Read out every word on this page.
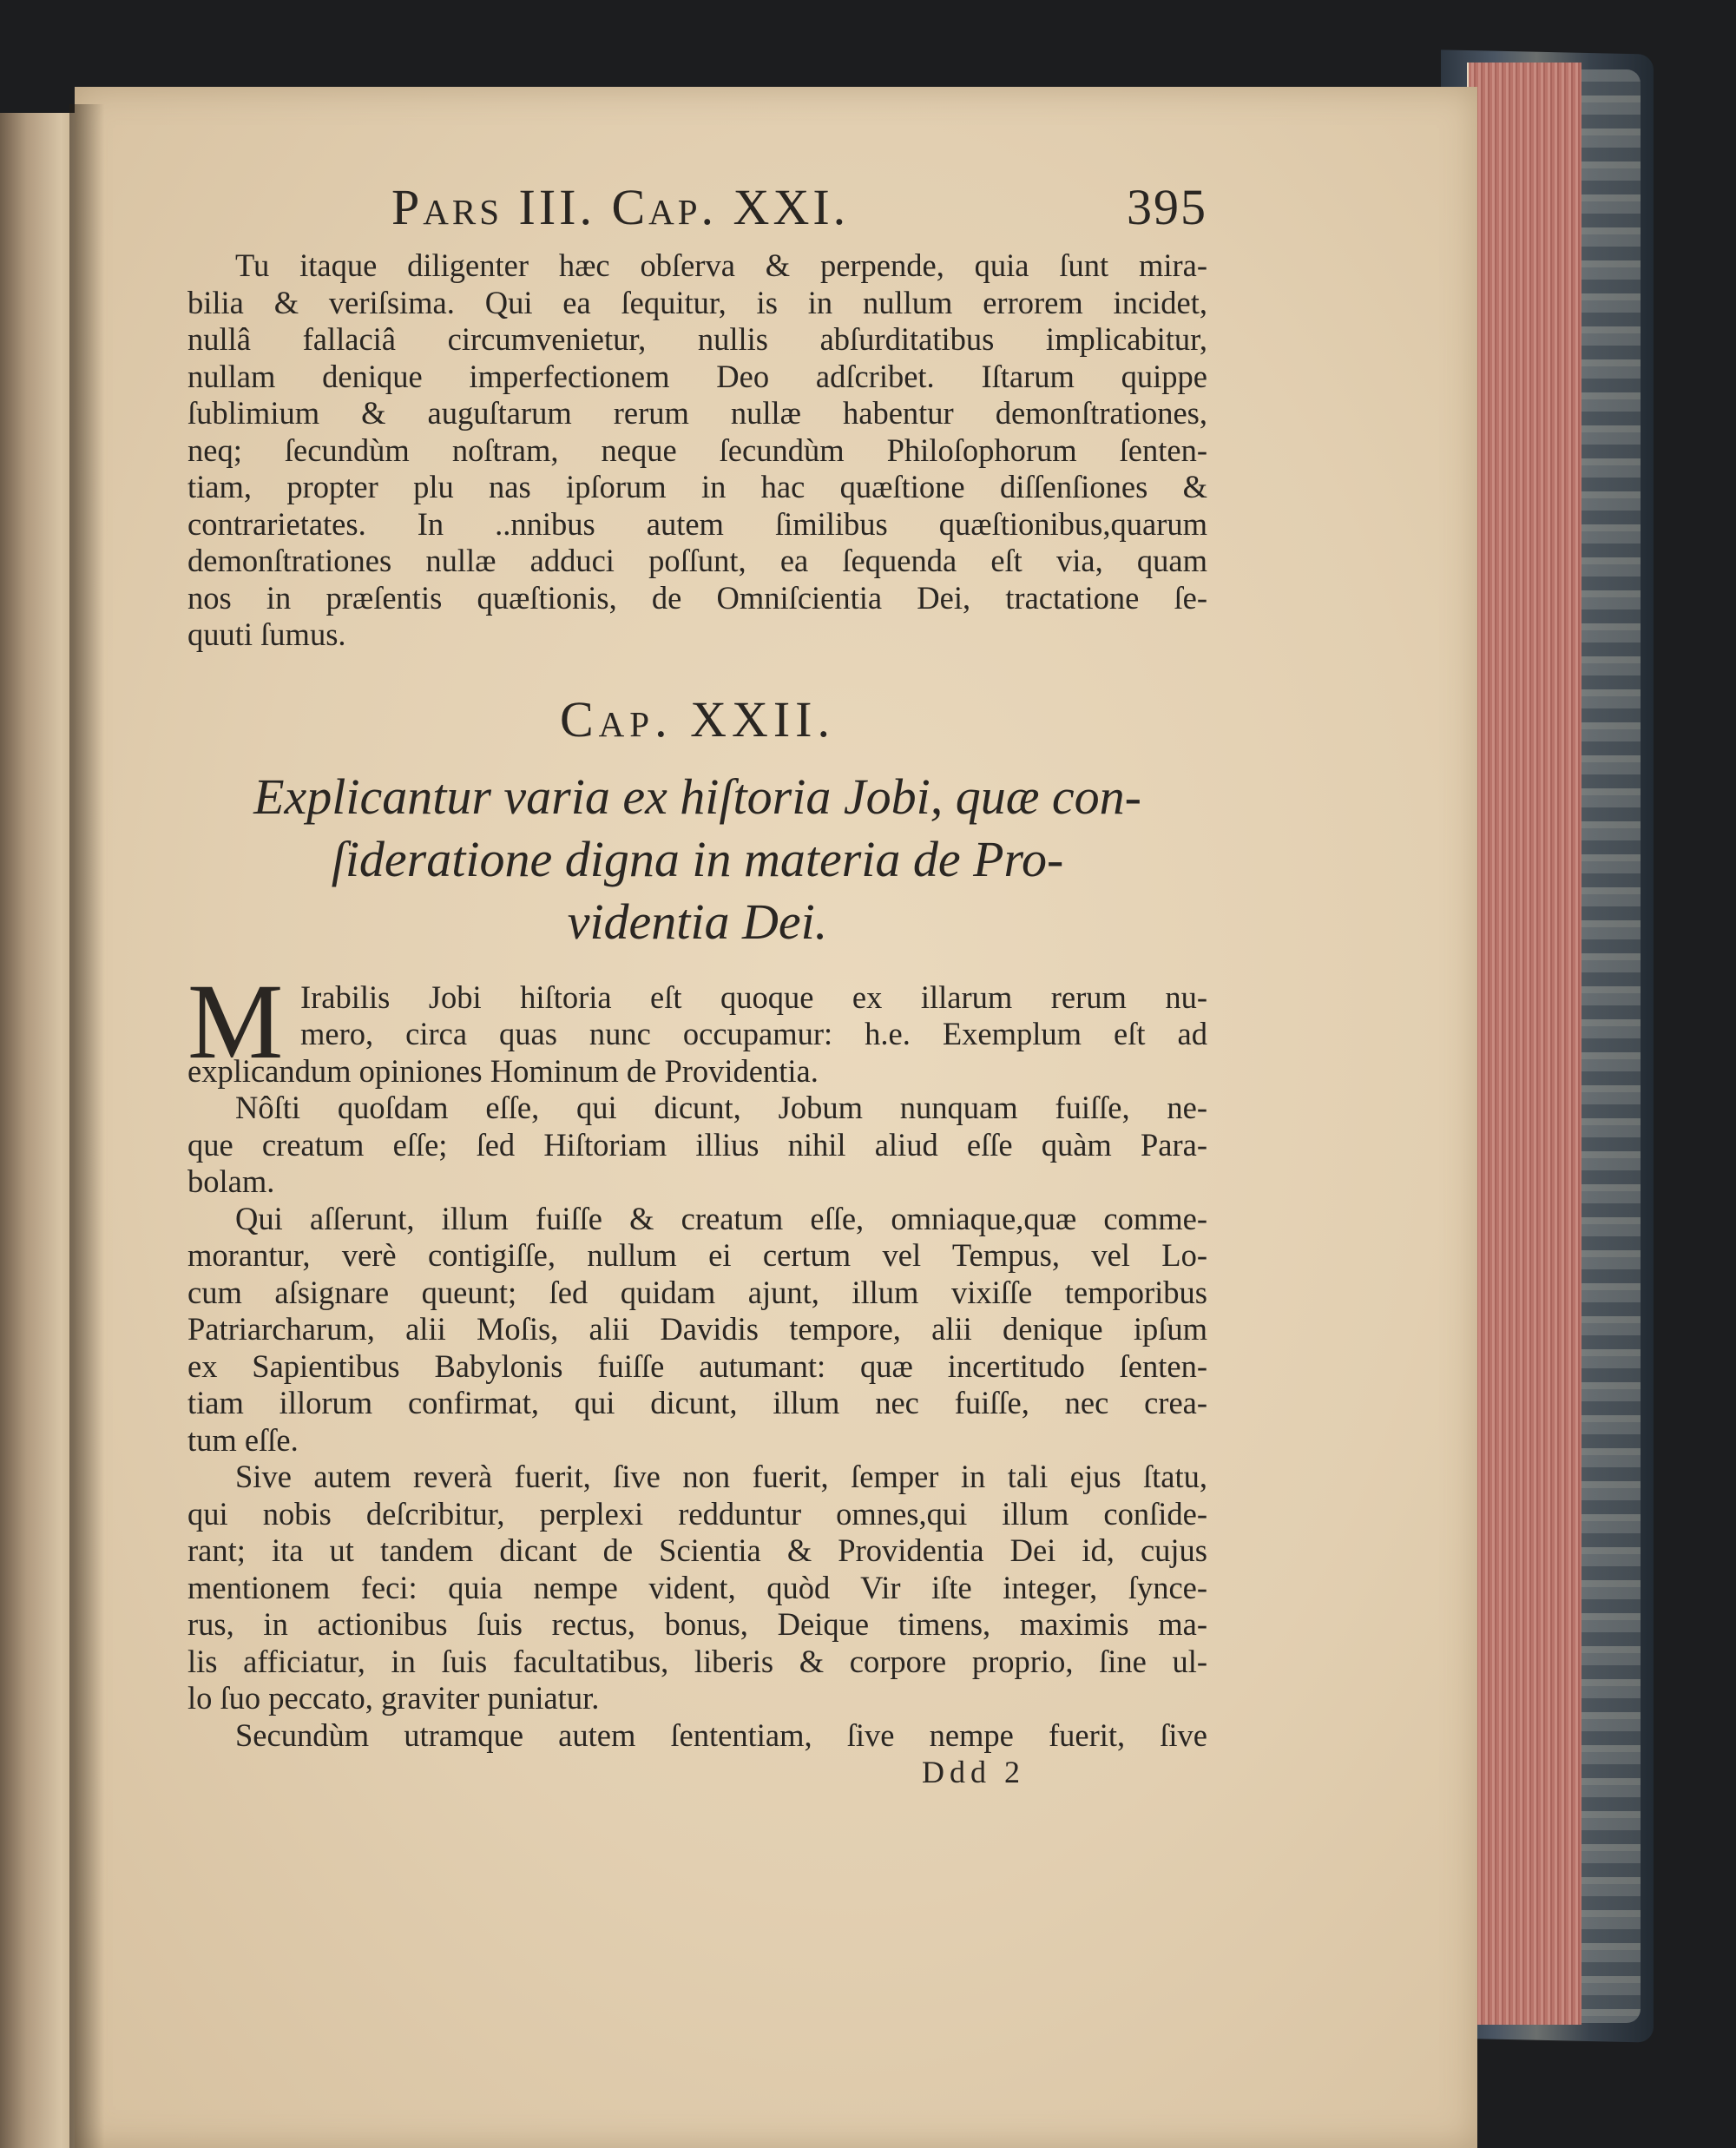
Pars III. Cap. XXI.	395
Tu itaque diligenter hæc obſerva & perpende, quia ſunt mira-
bilia & veriſsima. Qui ea ſequitur, is in nullum errorem incidet,
nullâ fallaciâ circumvenietur, nullis abſurditatibus implicabitur,
nullam denique imperfectionem Deo adſcribet. Iſtarum quippe
ſublimium & auguſtarum rerum nullæ habentur demonſtrationes,
neq; ſecundùm noſtram, neque ſecundùm Philoſophorum ſenten-
tiam, propter plu nas ipſorum in hac quæſtione diſſenſiones &
contrarietates. In ..nnibus autem ſimilibus quæſtionibus,quarum
demonſtrationes nullæ adduci poſſunt, ea ſequenda eſt via, quam
nos in præſentis quæſtionis, de Omniſcientia Dei, tractatione ſe-
quuti ſumus.
Cap. XXII.
Explicantur varia ex hiſtoria Jobi, quæ con-
ſideratione digna in materia de Pro-
videntia Dei.
M Irabilis Jobi hiſtoria eſt quoque ex illarum rerum nu-
mero, circa quas nunc occupamur: h.e. Exemplum eſt ad
explicandum opiniones Hominum de Providentia.
Nôſti quoſdam eſſe, qui dicunt, Jobum nunquam fuiſſe, ne-
que creatum eſſe; ſed Hiſtoriam illius nihil aliud eſſe quàm Para-
bolam.
Qui aſſerunt, illum fuiſſe & creatum eſſe, omniaque,quæ comme-
morantur, verè contigiſſe, nullum ei certum vel Tempus, vel Lo-
cum aſsignare queunt; ſed quidam ajunt, illum vixiſſe temporibus
Patriarcharum, alii Moſis, alii Davidis tempore, alii denique ipſum
ex Sapientibus Babylonis fuiſſe autumant: quæ incertitudo ſenten-
tiam illorum confirmat, qui dicunt, illum nec fuiſſe, nec crea-
tum eſſe.
Sive autem reverà fuerit, ſive non fuerit, ſemper in tali ejus ſtatu,
qui nobis deſcribitur, perplexi redduntur omnes,qui illum conſide-
rant; ita ut tandem dicant de Scientia & Providentia Dei id, cujus
mentionem feci: quia nempe vident, quòd Vir iſte integer, ſynce-
rus, in actionibus ſuis rectus, bonus, Deique timens, maximis ma-
lis afficiatur, in ſuis facultatibus, liberis & corpore proprio, ſine ul-
lo ſuo peccato, graviter puniatur.
Secundùm utramque autem ſententiam, ſive nempe fuerit, ſive
Ddd 2
